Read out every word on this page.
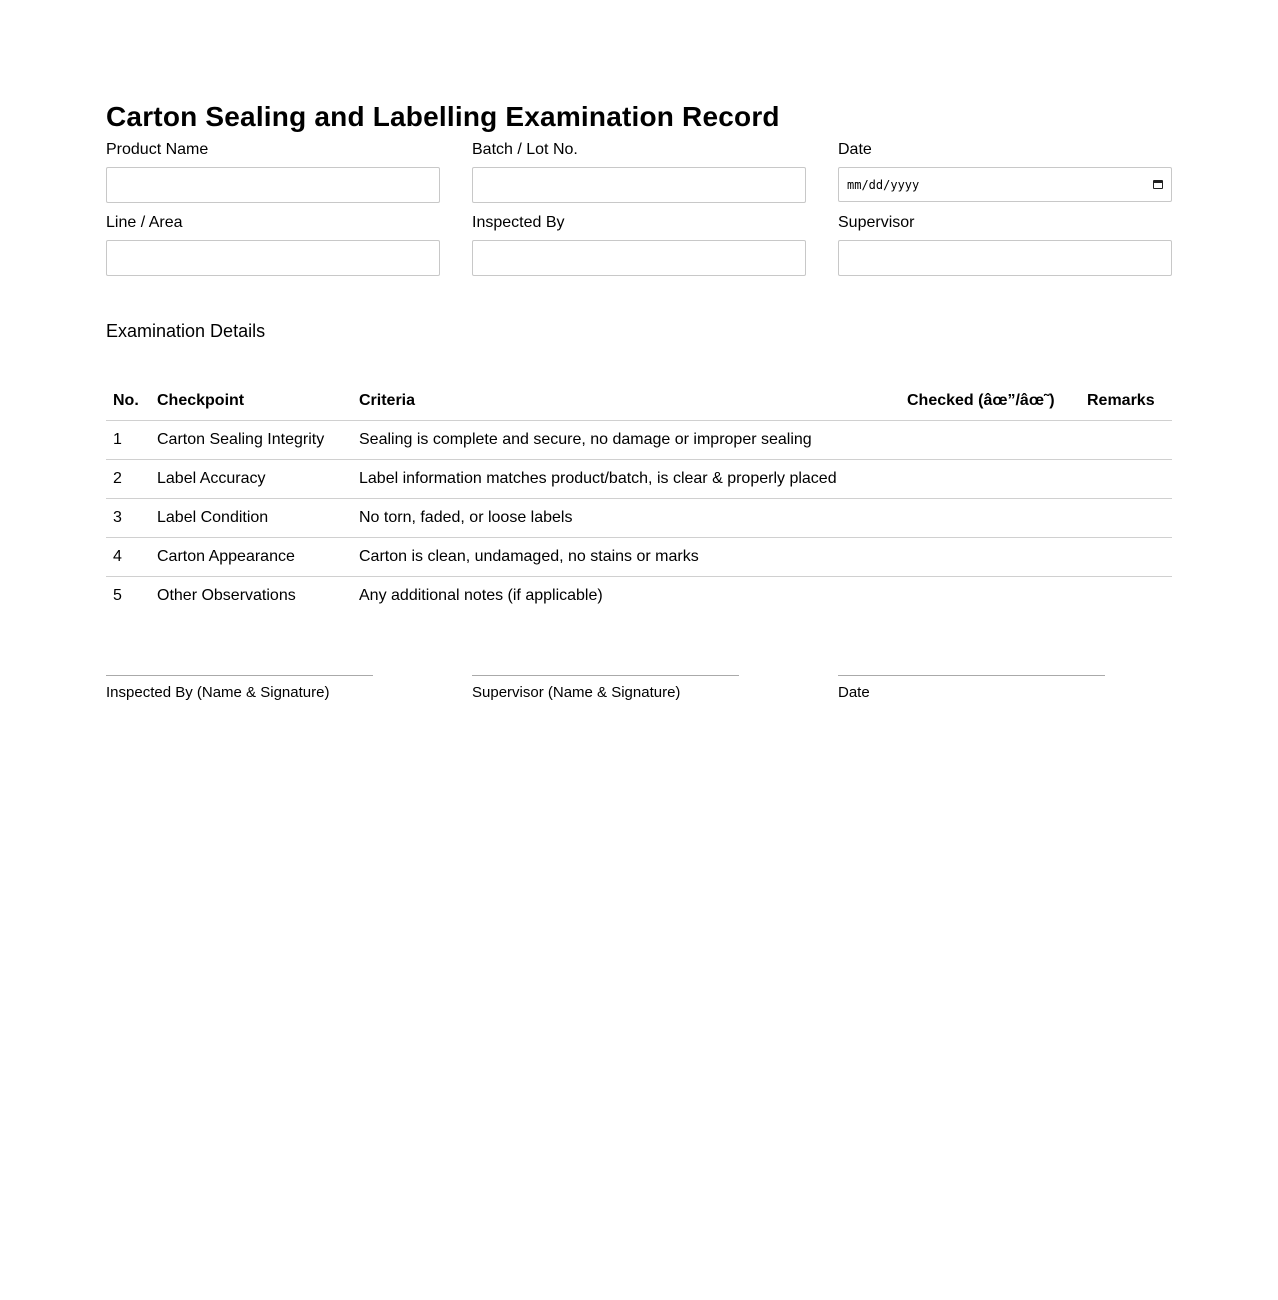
Carton Sealing and Labelling Examination Record
Product Name	Batch / Lot No.	Date
mm/dd/yyyy
Line / Area	Inspected By	Supervisor
Examination Details
No.	Checkpoint	Criteria	Checked (âœ”/âœ˜)	Remarks
1	Carton Sealing Integrity	Sealing is complete and secure, no damage or improper sealing		
2	Label Accuracy	Label information matches product/batch, is clear & properly placed		
3	Label Condition	No torn, faded, or loose labels		
4	Carton Appearance	Carton is clean, undamaged, no stains or marks		
5	Other Observations	Any additional notes (if applicable)		
Inspected By (Name & Signature)	Supervisor (Name & Signature)	Date
